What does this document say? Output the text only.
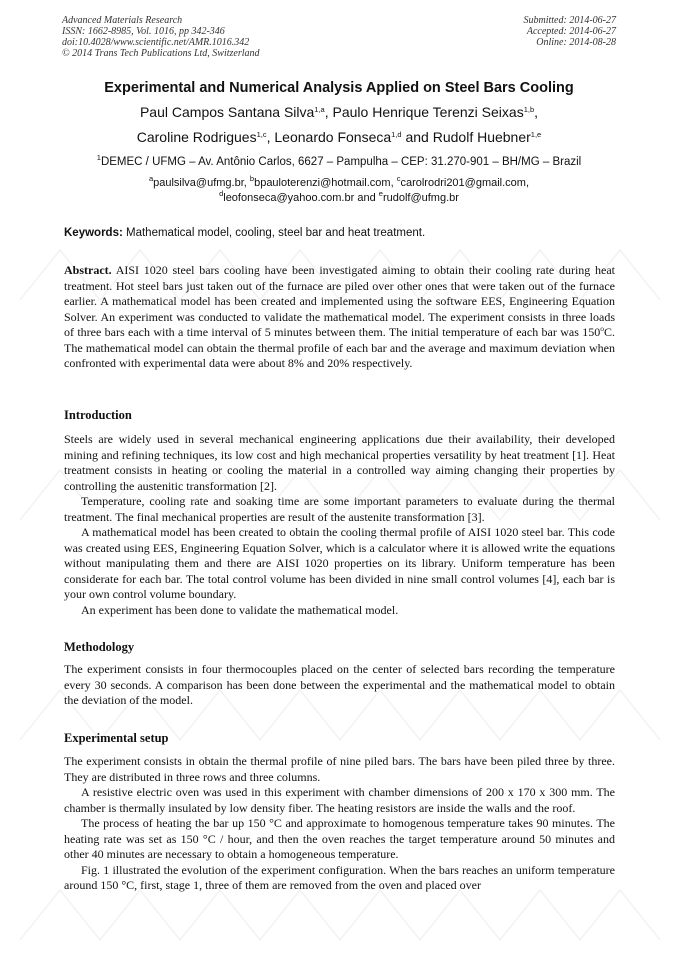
Advanced Materials Research
ISSN: 1662-8985, Vol. 1016, pp 342-346
doi:10.4028/www.scientific.net/AMR.1016.342
© 2014 Trans Tech Publications Ltd, Switzerland
Submitted: 2014-06-27
Accepted: 2014-06-27
Online: 2014-08-28
Experimental and Numerical Analysis Applied on Steel Bars Cooling
Paul Campos Santana Silva$^{1,a}$, Paulo Henrique Terenzi Seixas$^{1,b}$,
Caroline Rodrigues$^{1,c}$, Leonardo Fonseca$^{1,d}$ and Rudolf Huebner$^{1,e}$
$^1$DEMEC / UFMG – Av. Antônio Carlos, 6627 – Pampulha – CEP: 31.270-901 – BH/MG – Brazil
$^a$paulsilva@ufmg.br, $^b$bpauloterenzi@hotmail.com, $^c$carolrodri201@gmail.com,
$^d$leofonseca@yahoo.com.br and $^e$rudolf@ufmg.br
Keywords: Mathematical model, cooling, steel bar and heat treatment.

Abstract. AISI 1020 steel bars cooling have been investigated aiming to obtain their cooling rate during heat treatment. Hot steel bars just taken out of the furnace are piled over other ones that were taken out of the furnace earlier. A mathematical model has been created and implemented using the software EES, Engineering Equation Solver. An experiment was conducted to validate the mathematical model. The experiment consists in three loads of three bars each with a time interval of 5 minutes between them. The initial temperature of each bar was 150$^o$C. The mathematical model can obtain the thermal profile of each bar and the average and maximum deviation when confronted with experimental data were about 8% and 20% respectively.

Introduction

Steels are widely used in several mechanical engineering applications due their availability, their developed mining and refining techniques, its low cost and high mechanical properties versatility by heat treatment [1]. Heat treatment consists in heating or cooling the material in a controlled way aiming changing their properties by controlling the austenitic transformation [2].

Temperature, cooling rate and soaking time are some important parameters to evaluate during the thermal treatment. The final mechanical properties are result of the austenite transformation [3].

A mathematical model has been created to obtain the cooling thermal profile of AISI 1020 steel bar. This code was created using EES, Engineering Equation Solver, which is a calculator where it is allowed write the equations without manipulating them and there are AISI 1020 properties on its library. Uniform temperature has been considerate for each bar. The total control volume has been divided in nine small control volumes [4], each bar is your own control volume boundary.

An experiment has been done to validate the mathematical model.

Methodology

The experiment consists in four thermocouples placed on the center of selected bars recording the temperature every 30 seconds. A comparison has been done between the experimental and the mathematical model to obtain the deviation of the model.

Experimental setup

The experiment consists in obtain the thermal profile of nine piled bars. The bars have been piled three by three. They are distributed in three rows and three columns.

A resistive electric oven was used in this experiment with chamber dimensions of 200 x 170 x 300 mm. The chamber is thermally insulated by low density fiber. The heating resistors are inside the walls and the roof.

The process of heating the bar up 150 °C and approximate to homogenous temperature takes 90 minutes. The heating rate was set as 150 °C / hour, and then the oven reaches the target temperature around 50 minutes and other 40 minutes are necessary to obtain a homogeneous temperature.

Fig. 1 illustrated the evolution of the experiment configuration. When the bars reaches an uniform temperature around 150 °C, first, stage 1, three of them are removed from the oven and placed over
